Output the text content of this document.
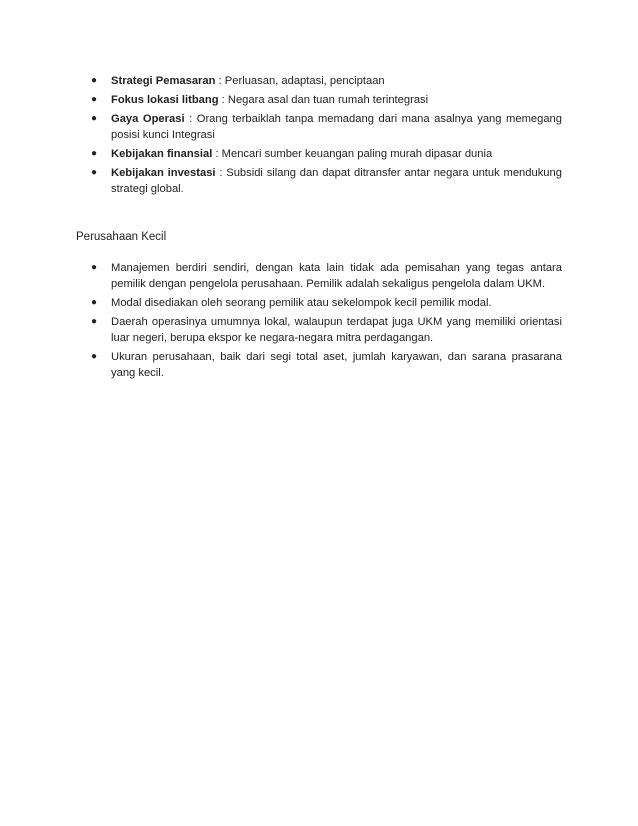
● Strategi Pemasaran : Perluasan, adaptasi, penciptaan
● Fokus lokasi litbang : Negara asal dan tuan rumah terintegrasi
● Gaya Operasi : Orang terbaiklah tanpa memadang dari mana asalnya yang memegang posisi kunci Integrasi
● Kebijakan finansial : Mencari sumber keuangan paling murah dipasar dunia
● Kebijakan investasi : Subsidi silang dan dapat ditransfer antar negara untuk mendukung strategi global.
Perusahaan Kecil
● Manajemen berdiri sendiri, dengan kata lain tidak ada pemisahan yang tegas antara pemilik dengan pengelola perusahaan. Pemilik adalah sekaligus pengelola dalam UKM.
● Modal disediakan oleh seorang pemilik atau sekelompok kecil pemilik modal.
● Daerah operasinya umumnya lokal, walaupun terdapat juga UKM yang memiliki orientasi luar negeri, berupa ekspor ke negara-negara mitra perdagangan.
● Ukuran perusahaan, baik dari segi total aset, jumlah karyawan, dan sarana prasarana yang kecil.
